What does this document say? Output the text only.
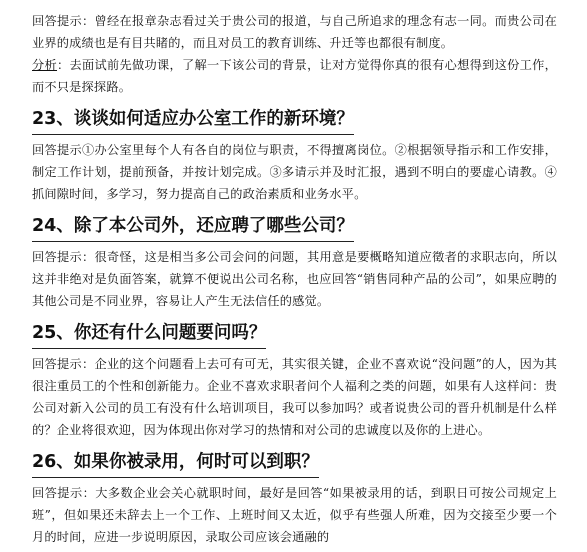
回答提示：曾经在报章杂志看过关于贵公司的报道，与自己所追求的理念有志一同。而贵公司在业界的成绩也是有目共睹的，而且对员工的教育训练、升迁等也都很有制度。

分析：去面试前先做功课，了解一下该公司的背景，让对方觉得你真的很有心想得到这份工作，而不只是探探路。

23、谈谈如何适应办公室工作的新环境？

回答提示①办公室里每个人有各自的岗位与职责，不得擅离岗位。②根据领导指示和工作安排，制定工作计划，提前预备，并按计划完成。③多请示并及时汇报，遇到不明白的要虚心请教。④抓间隙时间，多学习，努力提高自己的政治素质和业务水平。

24、除了本公司外，还应聘了哪些公司？

回答提示：很奇怪，这是相当多公司会问的问题，其用意是要概略知道应徵者的求职志向，所以这并非绝对是负面答案，就算不便说出公司名称，也应回答“销售同种产品的公司”，如果应聘的其他公司是不同业界，容易让人产生无法信任的感觉。

25、你还有什么问题要问吗？

回答提示：企业的这个问题看上去可有可无，其实很关键，企业不喜欢说“没问题”的人，因为其很注重员工的个性和创新能力。企业不喜欢求职者问个人福利之类的问题，如果有人这样问：贵公司对新入公司的员工有没有什么培训项目，我可以参加吗？或者说贵公司的晋升机制是什么样的？企业将很欢迎，因为体现出你对学习的热情和对公司的忠诚度以及你的上进心。

26、如果你被录用，何时可以到职？

回答提示：大多数企业会关心就职时间，最好是回答“如果被录用的话，到职日可按公司规定上班”，但如果还未辞去上一个工作、上班时间又太近，似乎有些强人所难，因为交接至少要一个月的时间，应进一步说明原因，录取公司应该会通融的
